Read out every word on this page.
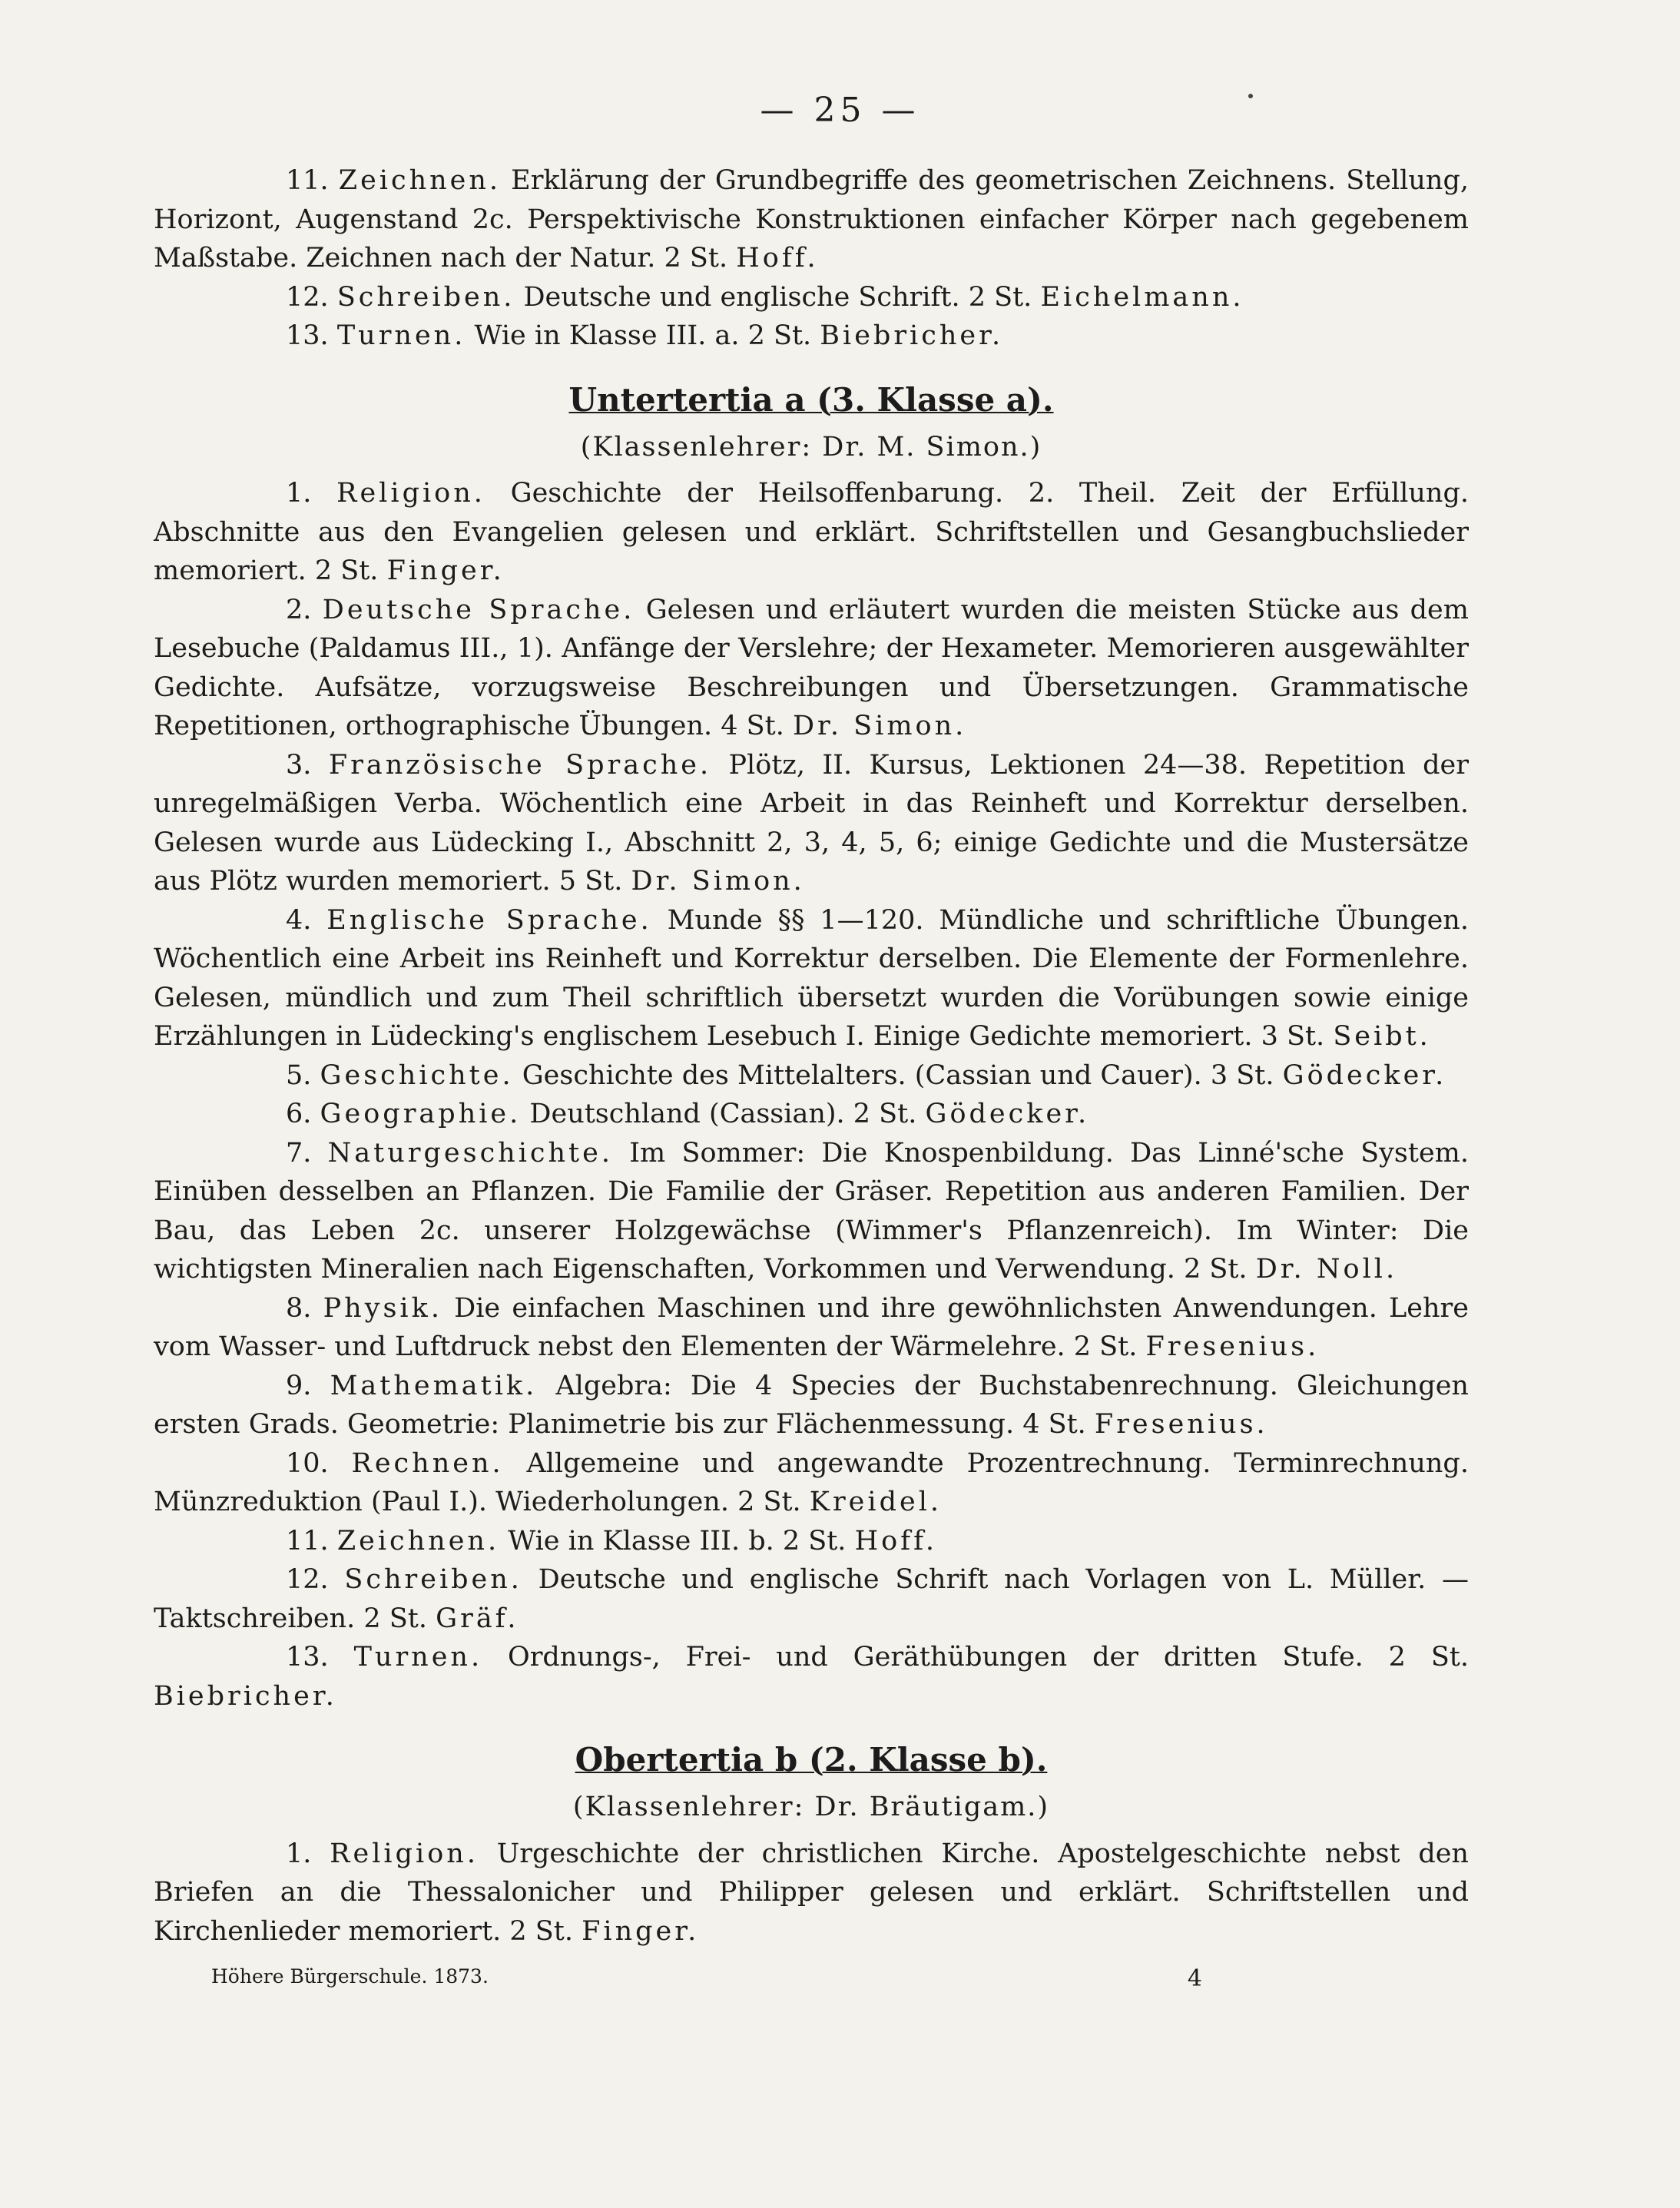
— 25 —

11. Zeichnen. Erklärung der Grundbegriffe des geometrischen Zeichnens. Stellung, Horizont, Augenstand 2c. Perspektivische Konstruktionen einfacher Körper nach gegebenem Maßstabe. Zeichnen nach der Natur. 2 St. Hoff.

12. Schreiben. Deutsche und englische Schrift. 2 St. Eichelmann.

13. Turnen. Wie in Klasse III. a. 2 St. Biebricher.

Untertertia a (3. Klasse a).
(Klassenlehrer: Dr. M. Simon.)

1. Religion. Geschichte der Heilsoffenbarung. 2. Theil. Zeit der Erfüllung. Abschnitte aus den Evangelien gelesen und erklärt. Schriftstellen und Gesangbuchslieder memoriert. 2 St. Finger.

2. Deutsche Sprache. Gelesen und erläutert wurden die meisten Stücke aus dem Lesebuche (Paldamus III., 1). Anfänge der Verslehre; der Hexameter. Memorieren ausgewählter Gedichte. Aufsätze, vorzugsweise Beschreibungen und Übersetzungen. Grammatische Repetitionen, orthographische Übungen. 4 St. Dr. Simon.

3. Französische Sprache. Plötz, II. Kursus, Lektionen 24—38. Repetition der unregelmäßigen Verba. Wöchentlich eine Arbeit in das Reinheft und Korrektur derselben. Gelesen wurde aus Lüdecking I., Abschnitt 2, 3, 4, 5, 6; einige Gedichte und die Mustersätze aus Plötz wurden memoriert. 5 St. Dr. Simon.

4. Englische Sprache. Munde §§ 1—120. Mündliche und schriftliche Übungen. Wöchentlich eine Arbeit ins Reinheft und Korrektur derselben. Die Elemente der Formenlehre. Gelesen, mündlich und zum Theil schriftlich übersetzt wurden die Vorübungen sowie einige Erzählungen in Lüdecking's englischem Lesebuch I. Einige Gedichte memoriert. 3 St. Seibt.

5. Geschichte. Geschichte des Mittelalters. (Cassian und Cauer). 3 St. Gödecker.

6. Geographie. Deutschland (Cassian). 2 St. Gödecker.

7. Naturgeschichte. Im Sommer: Die Knospenbildung. Das Linné'sche System. Einüben desselben an Pflanzen. Die Familie der Gräser. Repetition aus anderen Familien. Der Bau, das Leben 2c. unserer Holzgewächse (Wimmer's Pflanzenreich). Im Winter: Die wichtigsten Mineralien nach Eigenschaften, Vorkommen und Verwendung. 2 St. Dr. Noll.

8. Physik. Die einfachen Maschinen und ihre gewöhnlichsten Anwendungen. Lehre vom Wasser- und Luftdruck nebst den Elementen der Wärmelehre. 2 St. Fresenius.

9. Mathematik. Algebra: Die 4 Species der Buchstabenrechnung. Gleichungen ersten Grads. Geometrie: Planimetrie bis zur Flächenmessung. 4 St. Fresenius.

10. Rechnen. Allgemeine und angewandte Prozentrechnung. Terminrechnung. Münzreduktion (Paul I.). Wiederholungen. 2 St. Kreidel.

11. Zeichnen. Wie in Klasse III. b. 2 St. Hoff.

12. Schreiben. Deutsche und englische Schrift nach Vorlagen von L. Müller. — Taktschreiben. 2 St. Gräf.

13. Turnen. Ordnungs-, Frei- und Geräthübungen der dritten Stufe. 2 St. Biebricher.

Obertertia b (2. Klasse b).
(Klassenlehrer: Dr. Bräutigam.)

1. Religion. Urgeschichte der christlichen Kirche. Apostelgeschichte nebst den Briefen an die Thessalonicher und Philipper gelesen und erklärt. Schriftstellen und Kirchenlieder memoriert. 2 St. Finger.

Höhere Bürgerschule. 1873.	4
